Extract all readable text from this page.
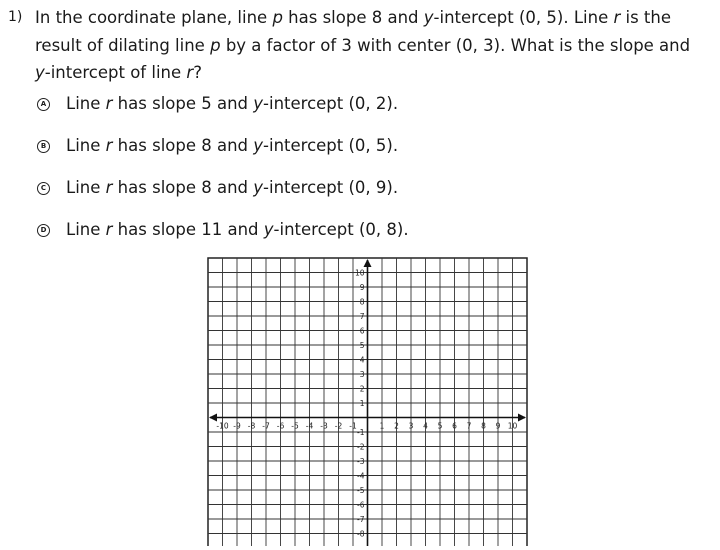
1) In the coordinate plane, line p has slope 8 and y-intercept (0, 5). Line r is the result of dilating line p by a factor of 3 with center (0, 3). What is the slope and y-intercept of line r?
A Line r has slope 5 and y-intercept (0, 2).
B Line r has slope 8 and y-intercept (0, 5).
C Line r has slope 8 and y-intercept (0, 9).
D Line r has slope 11 and y-intercept (0, 8).
-10 -9 -8 -7 -6 -5 -4 -3 -2 -1	1 2 3 4 5 6 7 8 9 10
10
9
8
7
6
5
4
3
2
1
-1
-2
-3
-4
-5
-6
-7
-8
